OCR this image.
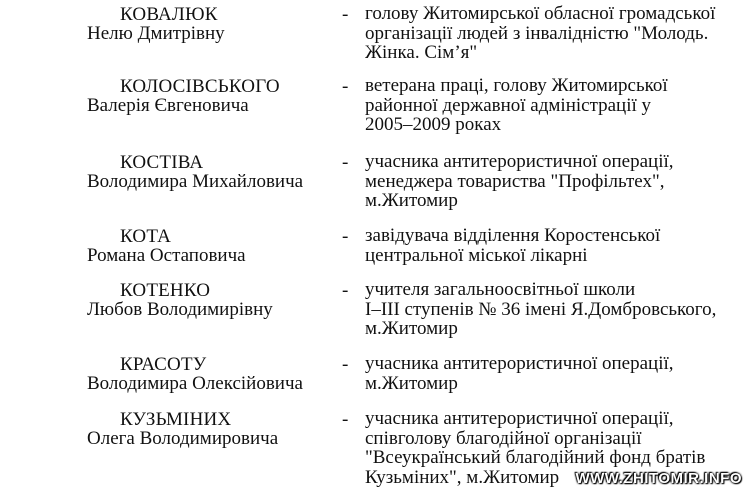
КОВАЛЮК
Нелю Дмитрівну
- голову Житомирської обласної громадської
організації людей з інвалідністю "Молодь.
Жінка. Сім’я"
КОЛОСІВСЬКОГО
Валерія Євгеновича
- ветерана праці, голову Житомирської
районної державної адміністрації у
2005–2009 роках
КОСТІВА
Володимира Михайловича
- учасника антитерористичної операції,
менеджера товариства "Профільтех",
м.Житомир
КОТА
Романа Остаповича
- завідувача відділення Коростенської
центральної міської лікарні
КОТЕНКО
Любов Володимирівну
- учителя загальноосвітньої школи
І–ІІІ ступенів № 36 імені Я.Домбровського,
м.Житомир
КРАСОТУ
Володимира Олексійовича
- учасника антитерористичної операції,
м.Житомир
КУЗЬМІНИХ
Олега Володимировича
- учасника антитерористичної операції,
співголову благодійної організації
"Всеукраїнський благодійний фонд братів
Кузьміних", м.Житомир	WWW.ZHITOMIR.INFO
